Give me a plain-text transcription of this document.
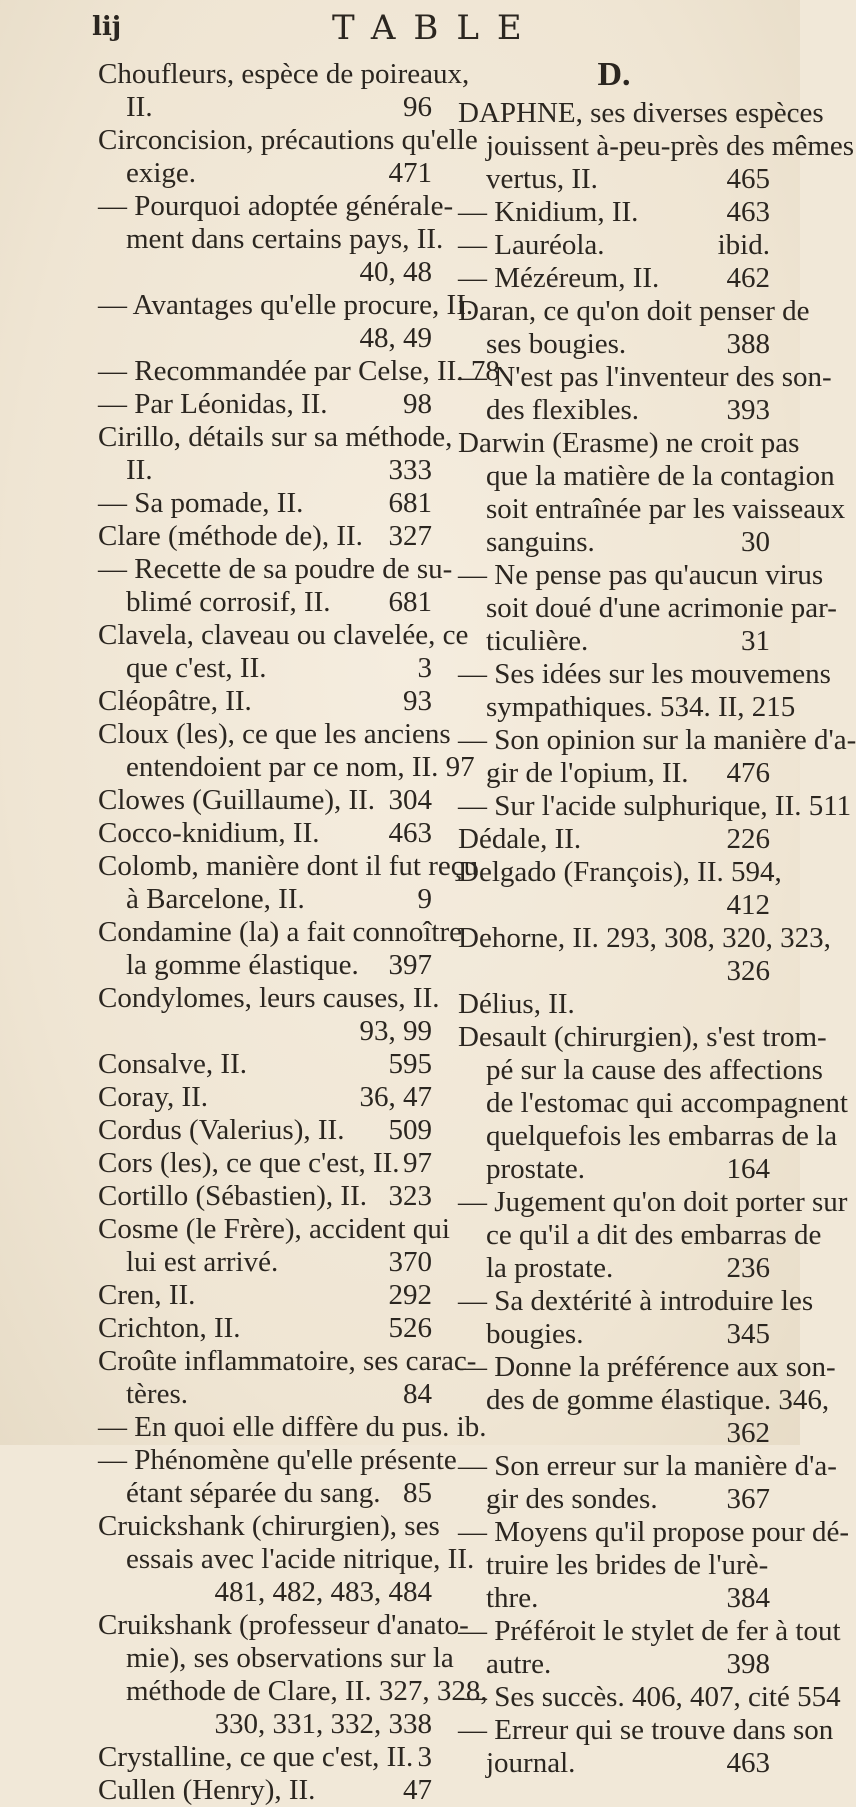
lij	TABLE
Choufleurs, espèce de poireaux,
II.	96
Circoncision, précautions qu'elle
exige.	471
— Pourquoi adoptée générale-
ment dans certains pays, II.
40, 48
— Avantages qu'elle procure, II.
48, 49
— Recommandée par Celse, II. 78
— Par Léonidas, II.	98
Cirillo, détails sur sa méthode,
II.	333
— Sa pomade, II.	681
Clare (méthode de), II. 327
— Recette de sa poudre de su-
blimé corrosif, II. 681
Clavela, claveau ou clavelée, ce
que c'est, II.	3
Cléopâtre, II.	93
Cloux (les), ce que les anciens
entendoient par ce nom, II. 97
Clowes (Guillaume), II. 304
Cocco-knidium, II. 463
Colomb, manière dont il fut reçu
à Barcelone, II.	9
Condamine (la) a fait connoître
la gomme élastique. 397
Condylomes, leurs causes, II.
93, 99
Consalve, II.	595
Coray, II.	36, 47
Cordus (Valerius), II. 509
Cors (les), ce que c'est, II. 97
Cortillo (Sébastien), II. 323
Cosme (le Frère), accident qui
lui est arrivé.	370
Cren, II.	292
Crichton, II.	526
Croûte inflammatoire, ses carac-
tères.	84
— En quoi elle diffère du pus. ib.
— Phénomène qu'elle présente
étant séparée du sang. 85
Cruickshank (chirurgien), ses
essais avec l'acide nitrique, II.
481, 482, 483, 484
Cruikshank (professeur d'anato-
mie), ses observations sur la
méthode de Clare, II. 327, 328,
330, 331, 332, 338
Crystalline, ce que c'est, II. 3
Cullen (Henry), II.	47
D.
DAPHNE, ses diverses espèces
jouissent à-peu-près des mêmes
vertus, II.	465
— Knidium, II.	463
— Lauréola.	ibid.
— Mézéreum, II. 462
Daran, ce qu'on doit penser de
ses bougies.	388
— N'est pas l'inventeur des son-
des flexibles.	393
Darwin (Erasme) ne croit pas
que la matière de la contagion
soit entraînée par les vaisseaux
sanguins.	30
— Ne pense pas qu'aucun virus
soit doué d'une acrimonie par-
ticulière.	31
— Ses idées sur les mouvemens
sympathiques. 534. II, 215
— Son opinion sur la manière d'a-
gir de l'opium, II. 476
— Sur l'acide sulphurique, II. 511
Dédale, II.	226
Delgado (François), II. 594,
412
Dehorne, II. 293, 308, 320, 323,
326
Délius, II.
Desault (chirurgien), s'est trom-
pé sur la cause des affections
de l'estomac qui accompagnent
quelquefois les embarras de la
prostate.	164
— Jugement qu'on doit porter sur
ce qu'il a dit des embarras de
la prostate.	236
— Sa dextérité à introduire les
bougies.	345
— Donne la préférence aux son-
des de gomme élastique. 346,
362
— Son erreur sur la manière d'a-
gir des sondes. 367
— Moyens qu'il propose pour dé-
truire les brides de l'urè-
thre.	384
— Préféroit le stylet de fer à tout
autre.	398
— Ses succès. 406, 407, cité 554
— Erreur qui se trouve dans son
journal.	463
